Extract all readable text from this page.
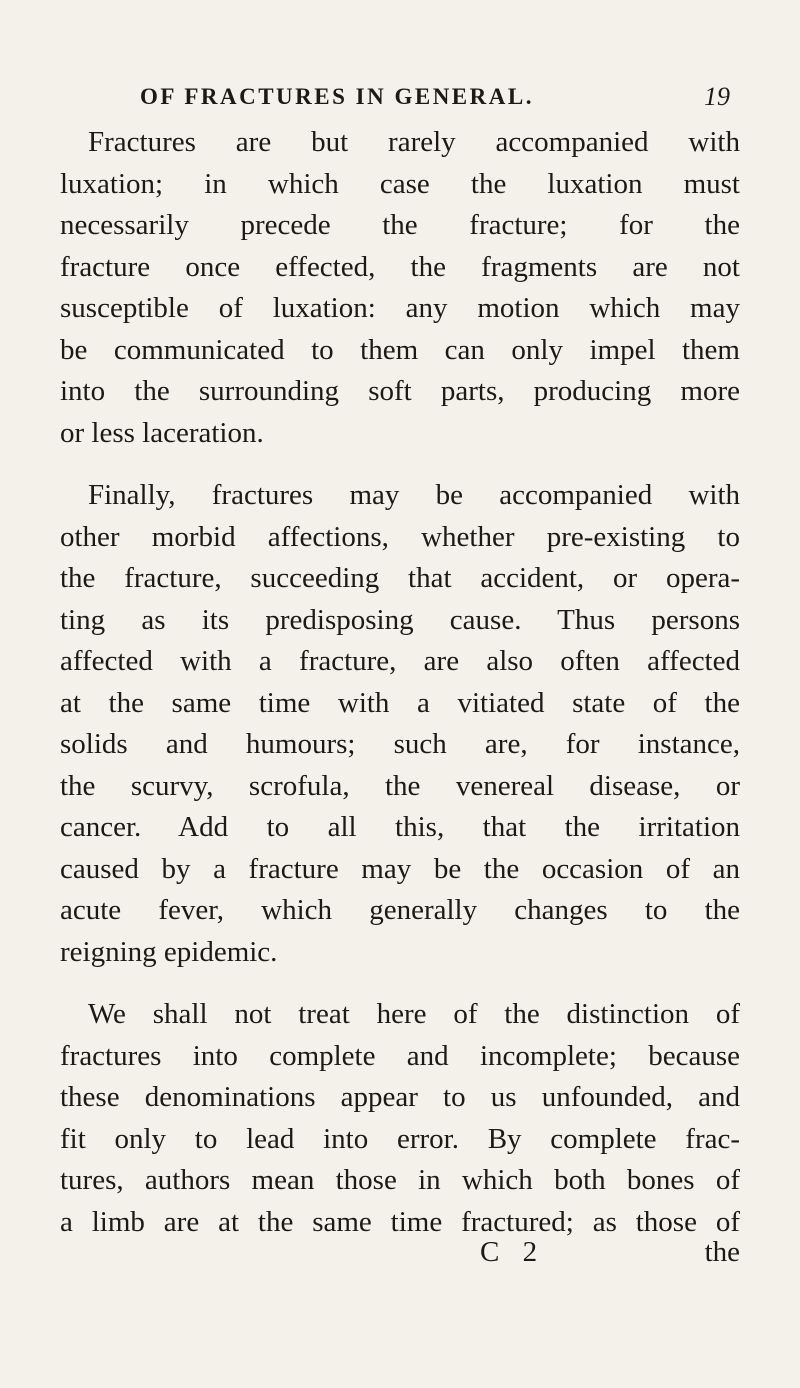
OF FRACTURES IN GENERAL.	19
Fractures are but rarely accompanied with
luxation; in which case the luxation must
necessarily precede the fracture; for the
fracture once effected, the fragments are not
susceptible of luxation: any motion which may
be communicated to them can only impel them
into the surrounding soft parts, producing more
or less laceration.
Finally, fractures may be accompanied with
other morbid affections, whether pre-existing to
the fracture, succeeding that accident, or opera-
ting as its predisposing cause. Thus persons
affected with a fracture, are also often affected
at the same time with a vitiated state of the
solids and humours; such are, for instance,
the scurvy, scrofula, the venereal disease, or
cancer. Add to all this, that the irritation
caused by a fracture may be the occasion of an
acute fever, which generally changes to the
reigning epidemic.
We shall not treat here of the distinction of
fractures into complete and incomplete; because
these denominations appear to us unfounded, and
fit only to lead into error. By complete frac-
tures, authors mean those in which both bones of
a limb are at the same time fractured; as those of
C 2	the
